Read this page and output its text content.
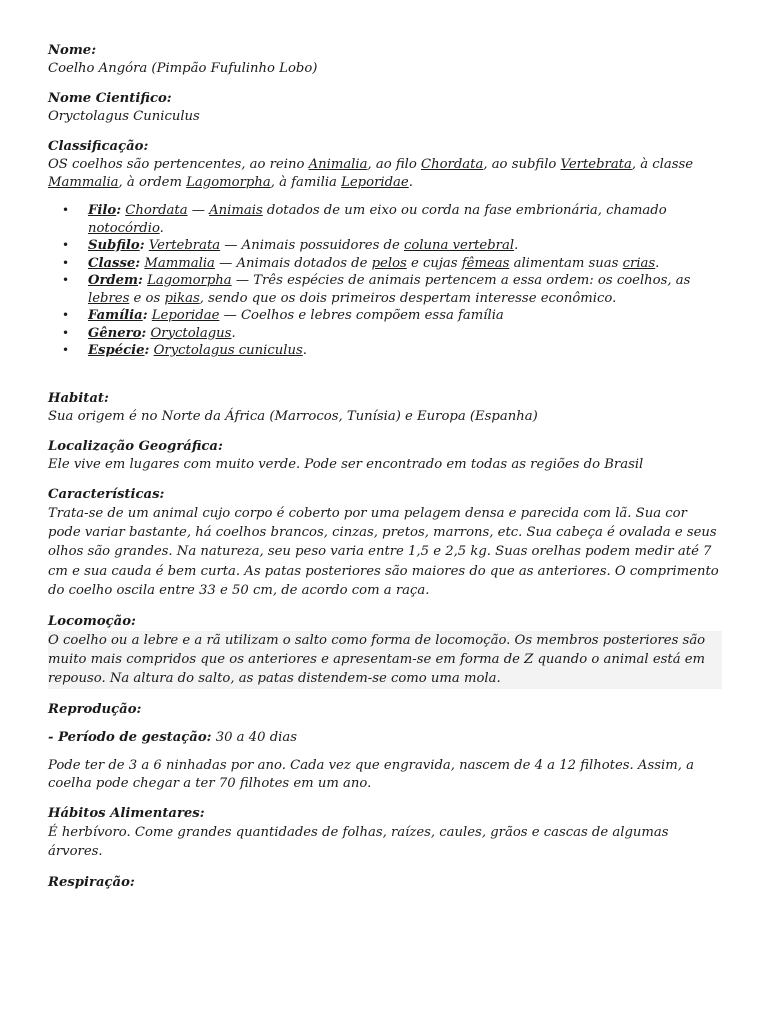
Nome:

Coelho Angóra (Pimpão Fufulinho Lobo)

Nome Cientifico:

Oryctolagus Cuniculus

Classificação:

OS coelhos são pertencentes, ao reino Animalia, ao filo Chordata, ao subfilo Vertebrata, à classe Mammalia, à ordem Lagomorpha, à familia Leporidae.

• Filo: Chordata — Animais dotados de um eixo ou corda na fase embrionária, chamado notocórdio.
• Subfilo: Vertebrata — Animais possuidores de coluna vertebral.
• Classe: Mammalia — Animais dotados de pelos e cujas fêmeas alimentam suas crias.
• Ordem: Lagomorpha — Três espécies de animais pertencem a essa ordem: os coelhos, as lebres e os pikas, sendo que os dois primeiros despertam interesse econômico.
• Família: Leporidae — Coelhos e lebres compõem essa família
• Gênero: Oryctolagus.
• Espécie: Oryctolagus cuniculus.

Habitat:

Sua origem é no Norte da África (Marrocos, Tunísia) e Europa (Espanha)

Localização Geográfica:

Ele vive em lugares com muito verde. Pode ser encontrado em todas as regiões do Brasil

Características:

Trata-se de um animal cujo corpo é coberto por uma pelagem densa e parecida com lã. Sua cor pode variar bastante, há coelhos brancos, cinzas, pretos, marrons, etc. Sua cabeça é ovalada e seus olhos são grandes. Na natureza, seu peso varia entre 1,5 e 2,5 kg. Suas orelhas podem medir até 7 cm e sua cauda é bem curta. As patas posteriores são maiores do que as anteriores. O comprimento do coelho oscila entre 33 e 50 cm, de acordo com a raça.

Locomoção:

O coelho ou a lebre e a rã utilizam o salto como forma de locomoção. Os membros posteriores são muito mais compridos que os anteriores e apresentam-se em forma de Z quando o animal está em repouso. Na altura do salto, as patas distendem-se como uma mola.

Reprodução:

- Período de gestação: 30 a 40 dias

Pode ter de 3 a 6 ninhadas por ano. Cada vez que engravida, nascem de 4 a 12 filhotes. Assim, a coelha pode chegar a ter 70 filhotes em um ano.

Hábitos Alimentares:

É herbívoro. Come grandes quantidades de folhas, raízes, caules, grãos e cascas de algumas árvores.

Respiração:
